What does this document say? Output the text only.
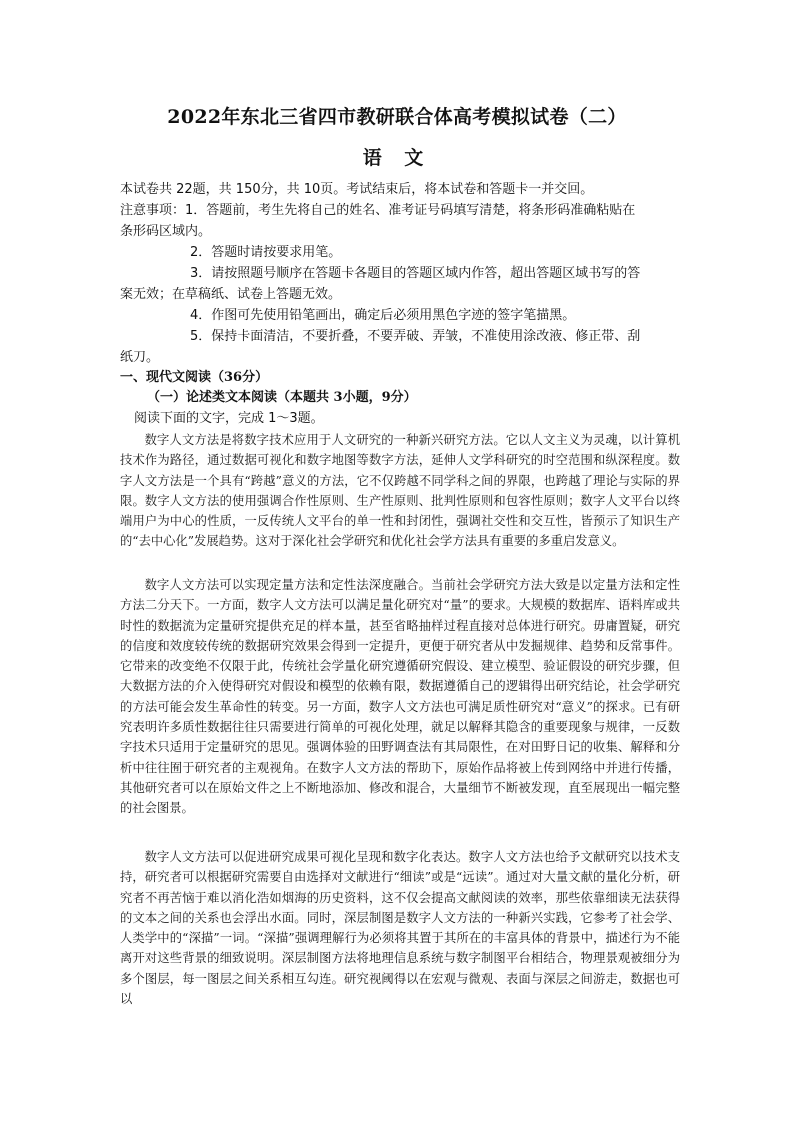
2022年东北三省四市教研联合体高考模拟试卷（二）
语 文
本试卷共 22题，共 150分，共 10页。考试结束后，将本试卷和答题卡一并交回。
注意事项：1．答题前，考生先将自己的姓名、准考证号码填写清楚，将条形码准确粘贴在
条形码区域内。
2．答题时请按要求用笔。
3．请按照题号顺序在答题卡各题目的答题区域内作答，超出答题区域书写的答
案无效；在草稿纸、试卷上答题无效。
4．作图可先使用铅笔画出，确定后必须用黑色字迹的签字笔描黑。
5．保持卡面清洁，不要折叠，不要弄破、弄皱，不准使用涂改液、修正带、刮
纸刀。
一、现代文阅读（36分）
（一）论述类文本阅读（本题共 3小题，9分）
阅读下面的文字，完成 1～3题。

数字人文方法是将数字技术应用于人文研究的一种新兴研究方法。它以人文主义为灵魂，以计算机技术作为路径，通过数据可视化和数字地图等数字方法，延伸人文学科研究的时空范围和纵深程度。数字人文方法是一个具有“跨越”意义的方法，它不仅跨越不同学科之间的界限，也跨越了理论与实际的界限。数字人文方法的使用强调合作性原则、生产性原则、批判性原则和包容性原则；数字人文平台以终端用户为中心的性质，一反传统人文平台的单一性和封闭性，强调社交性和交互性，皆预示了知识生产的“去中心化”发展趋势。这对于深化社会学研究和优化社会学方法具有重要的多重启发意义。

数字人文方法可以实现定量方法和定性法深度融合。当前社会学研究方法大致是以定量方法和定性方法二分天下。一方面，数字人文方法可以满足量化研究对“量”的要求。大规模的数据库、语料库或共时性的数据流为定量研究提供充足的样本量，甚至省略抽样过程直接对总体进行研究。毋庸置疑，研究的信度和效度较传统的数据研究效果会得到一定提升，更便于研究者从中发掘规律、趋势和反常事件。它带来的改变绝不仅限于此，传统社会学量化研究遵循研究假设、建立模型、验证假设的研究步骤，但大数据方法的介入使得研究对假设和模型的依赖有限，数据遵循自己的逻辑得出研究结论，社会学研究的方法可能会发生革命性的转变。另一方面，数字人文方法也可满足质性研究对“意义”的探求。已有研究表明许多质性数据往往只需要进行简单的可视化处理，就足以解释其隐含的重要现象与规律，一反数字技术只适用于定量研究的思见。强调体验的田野调查法有其局限性，在对田野日记的收集、解释和分析中往往囿于研究者的主观视角。在数字人文方法的帮助下，原始作品将被上传到网络中并进行传播，其他研究者可以在原始文件之上不断地添加、修改和混合，大量细节不断被发现，直至展现出一幅完整的社会图景。

数字人文方法可以促进研究成果可视化呈现和数字化表达。数字人文方法也给予文献研究以技术支持，研究者可以根据研究需要自由选择对文献进行“细读”或是“远读”。通过对大量文献的量化分析，研究者不再苦恼于难以消化浩如烟海的历史资料，这不仅会提高文献阅读的效率，那些依靠细读无法获得的文本之间的关系也会浮出水面。同时，深层制图是数字人文方法的一种新兴实践，它参考了社会学、人类学中的“深描”一词。“深描”强调理解行为必须将其置于其所在的丰富具体的背景中，描述行为不能离开对这些背景的细致说明。深层制图方法将地理信息系统与数字制图平台相结合，物理景观被细分为多个图层，每一图层之间关系相互勾连。研究视阈得以在宏观与微观、表面与深层之间游走，数据也可以
